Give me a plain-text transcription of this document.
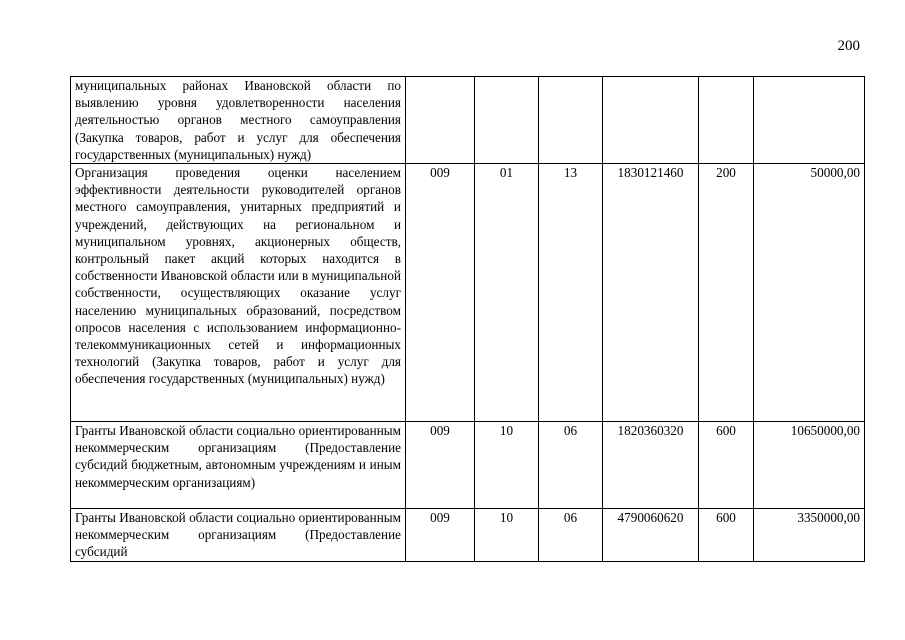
200
муниципальных районах Ивановской области по выявлению уровня удовлетворенности населения деятельностью органов местного самоуправления (Закупка товаров, работ и услуг для обеспечения государственных (муниципальных) нужд)						
Организация проведения оценки населением эффективности деятельности руководителей органов местного самоуправления, унитарных предприятий и учреждений, действующих на региональном и муниципальном уровнях, акционерных обществ, контрольный пакет акций которых находится в собственности Ивановской области или в муниципальной собственности, осуществляющих оказание услуг населению муниципальных образований, посредством опросов населения с использованием информационно-телекоммуникационных сетей и информационных технологий (Закупка товаров, работ и услуг для обеспечения государственных (муниципальных) нужд)	009	01	13	1830121460	200	50000,00
Гранты Ивановской области социально ориентированным некоммерческим организациям (Предоставление субсидий бюджетным, автономным учреждениям и иным некоммерческим организациям)	009	10	06	1820360320	600	10650000,00
Гранты Ивановской области социально ориентированным некоммерческим организациям (Предоставление субсидий	009	10	06	4790060620	600	3350000,00
